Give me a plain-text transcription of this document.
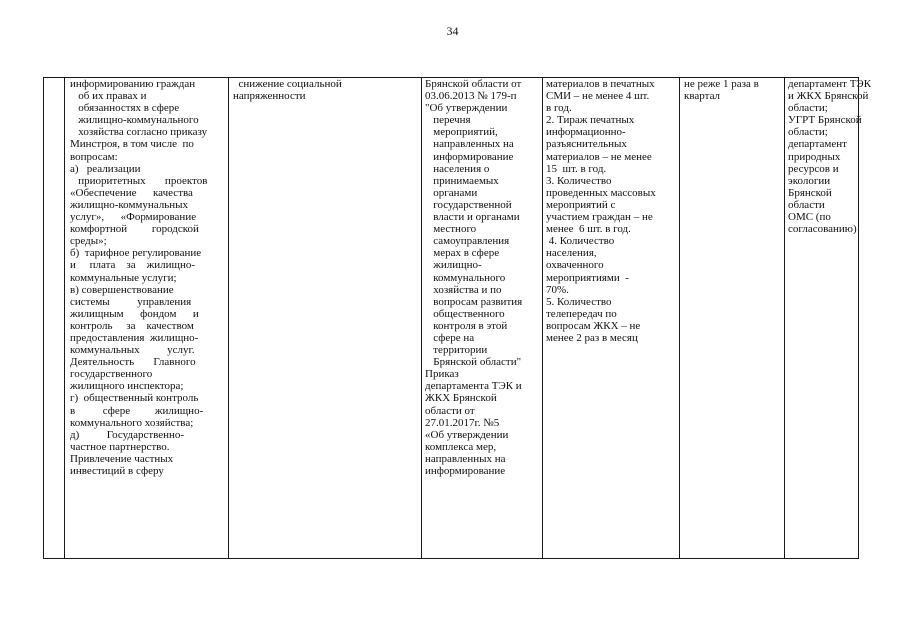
34
информированию граждан
об их правах и
обязанностях в сфере
жилищно-коммунального
хозяйства согласно приказу
Минстроя, в том числе  по
вопросам:
а)   реализации
приоритетных       проектов
«Обеспечение      качества
жилищно-коммунальных
услуг»,      «Формирование
комфортной         городской
среды»;
б)  тарифное регулирование
и     плата    за    жилищно-
коммунальные услуги;
в) совершенствование
системы          управления
жилищным      фондом      и
контроль     за    качеством
предоставления  жилищно-
коммунальных          услуг.
Деятельность       Главного
государственного
жилищного инспектора;
г)  общественный контроль
в          сфере         жилищно-
коммунального хозяйства;
д)          Государственно-
частное партнерство.
Привлечение частных
инвестиций в сферу
снижение социальной
напряженности
Брянской области от
03.06.2013 № 179-п
"Об утверждении
перечня
мероприятий,
направленных на
информирование
населения о
принимаемых
органами
государственной
власти и органами
местного
самоуправления
мерах в сфере
жилищно-
коммунального
хозяйства и по
вопросам развития
общественного
контроля в этой
сфере на
территории
Брянской области"
Приказ
департамента ТЭК и
ЖКХ Брянской
области от
27.01.2017г. №5
«Об утверждении
комплекса мер,
направленных на
информирование
материалов в печатных
СМИ – не менее 4 шт.
в год.
2. Тираж печатных
информационно-
разъяснительных
материалов – не менее
15  шт. в год.
3. Количество
проведенных массовых
мероприятий с
участием граждан – не
менее  6 шт. в год.
4. Количество
населения,
охваченного
мероприятиями  -
70%.
5. Количество
телепередач по
вопросам ЖКХ – не
менее 2 раз в месяц
не реже 1 раза в
квартал
департамент ТЭК
и ЖКХ Брянской
области;
УГРТ Брянской
области;
департамент
природных
ресурсов и
экологии
Брянской
области
ОМС (по
согласованию)
